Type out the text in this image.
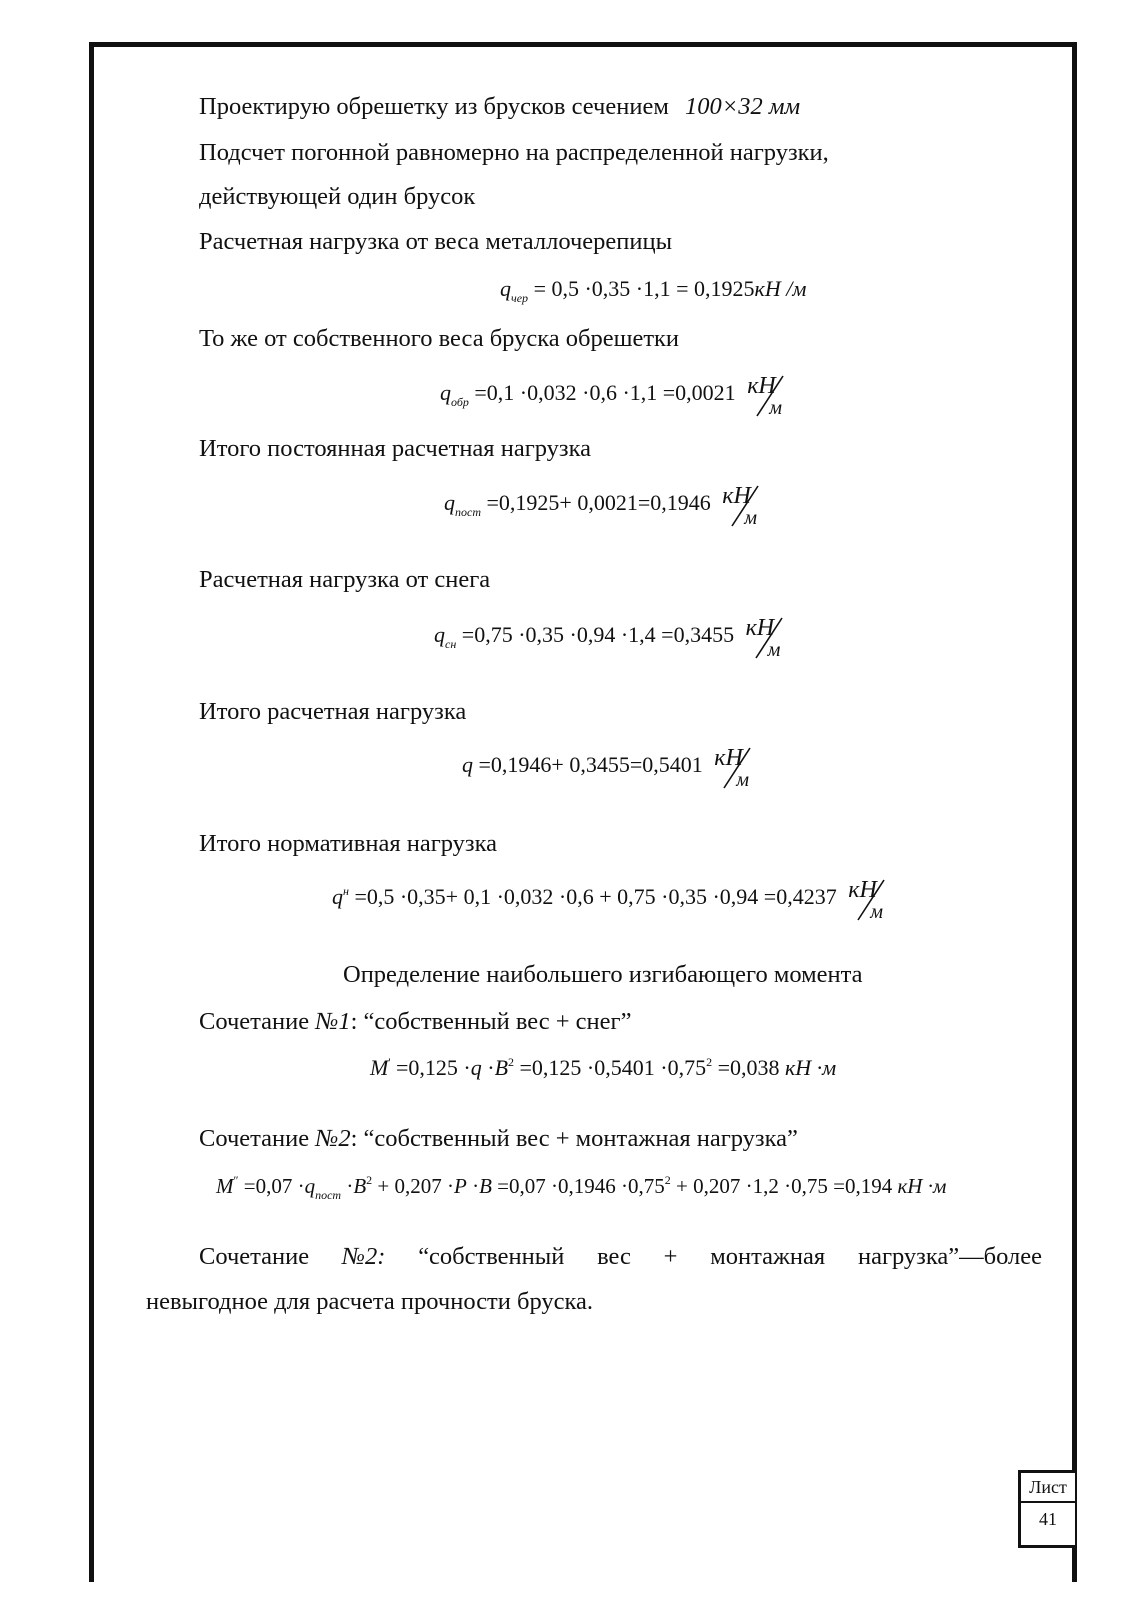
Проектирую обрешетку из брусков сечением 100×32 мм
Подсчет погонной равномерно на распределенной нагрузки,
действующей один брусок
Расчетная нагрузка от веса металлочерепицы
$q_{чер} = 0,5 \cdot 0,35 \cdot 1,1 = 0,1925кН$ /м
То же от собственного веса бруска обрешетки
$q_{обр} =0,1 \cdot 0,032 \cdot 0,6 \cdot 1,1 =0,0021$ кН
м
Итого постоянная расчетная нагрузка
$q_{пост} =0,1925+ 0,0021=0,1946$ кН
м
Расчетная нагрузка от снега
$q_{сн} =0,75 \cdot 0,35 \cdot 0,94 \cdot 1,4 =0,3455$ кН
м
Итого расчетная нагрузка
q =0,1946+ 0,3455=0,5401 кН
м
Итого нормативная нагрузка
$q^н =0,5 \cdot 0,35+ 0,1 \cdot 0,032 \cdot 0,6 + 0,75 \cdot 0,35 \cdot 0,94 =0,4237$ кН
м
Определение наибольшего изгибающего момента
Сочетание №1: “собственный вес + снег”
$M' =0,125 \cdot q \cdot B^2 =0,125 \cdot 0,5401 \cdot 0,75^2 =0,038$ кН ·м
Сочетание №2: “собственный вес + монтажная нагрузка”
$M'' =0,07 \cdot q_{пост} \cdot B^2 + 0,207 \cdot P \cdot B =0,07 \cdot 0,1946 \cdot 0,75^2 + 0,207 \cdot 1,2 \cdot 0,75 =0,194$ кН ·м
Сочетание №2: “собственный вес + монтажная нагрузка”—более
невыгодное для расчета прочности бруска.
Лист
41
